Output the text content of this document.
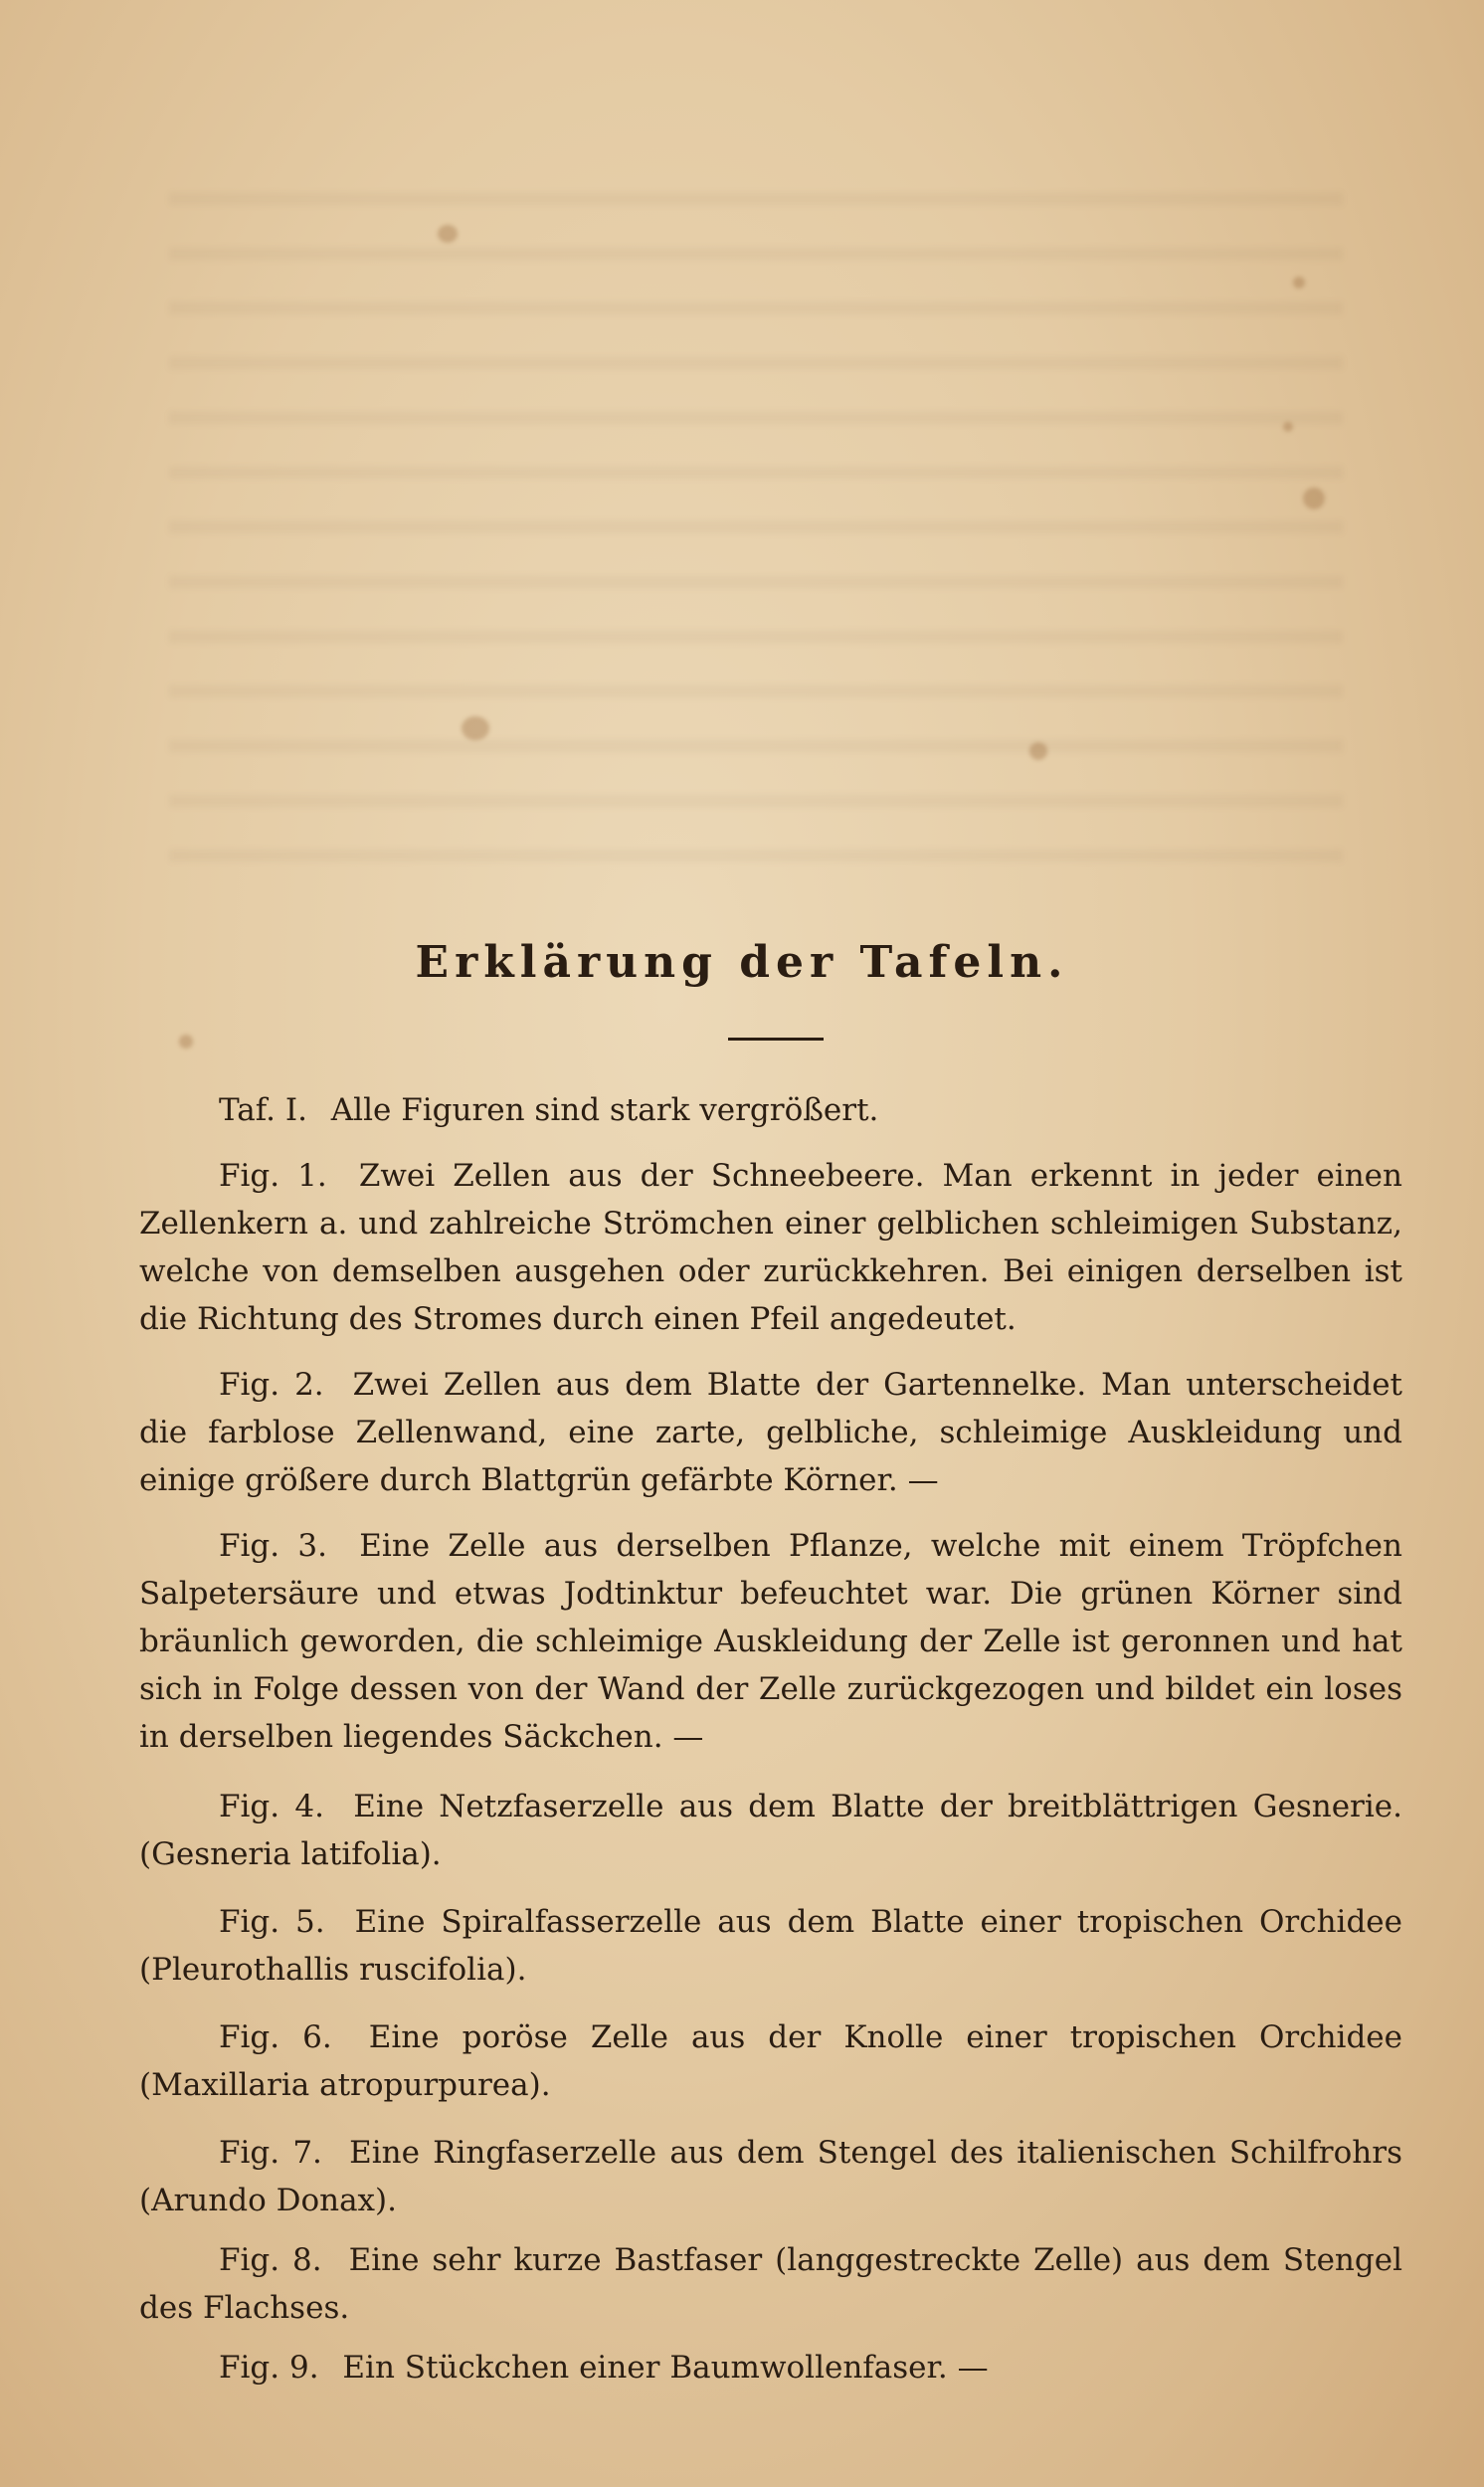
Erklärung der Tafeln.
Taf. I. Alle Figuren sind stark vergrößert.
Fig. 1. Zwei Zellen aus der Schneebeere. Man erkennt in jeder einen Zellenkern a. und zahlreiche Strömchen einer gelblichen schleimigen Substanz, welche von demselben ausgehen oder zurückkehren. Bei einigen derselben ist die Richtung des Stromes durch einen Pfeil angedeutet.
Fig. 2. Zwei Zellen aus dem Blatte der Gartennelke. Man unterscheidet die farblose Zellenwand, eine zarte, gelbliche, schleimige Auskleidung und einige größere durch Blattgrün gefärbte Körner. —
Fig. 3. Eine Zelle aus derselben Pflanze, welche mit einem Tröpfchen Salpetersäure und etwas Jodtinktur befeuchtet war. Die grünen Körner sind bräunlich geworden, die schleimige Auskleidung der Zelle ist geronnen und hat sich in Folge dessen von der Wand der Zelle zurückgezogen und bildet ein loses in derselben liegendes Säckchen. —
Fig. 4. Eine Netzfaserzelle aus dem Blatte der breitblättrigen Gesnerie. (Gesneria latifolia).
Fig. 5. Eine Spiralfasserzelle aus dem Blatte einer tropischen Orchidee (Pleurothallis ruscifolia).
Fig. 6. Eine poröse Zelle aus der Knolle einer tropischen Orchidee (Maxillaria atropurpurea).
Fig. 7. Eine Ringfaserzelle aus dem Stengel des italienischen Schilfrohrs (Arundo Donax).
Fig. 8. Eine sehr kurze Bastfaser (langgestreckte Zelle) aus dem Stengel des Flachses.
Fig. 9. Ein Stückchen einer Baumwollenfaser. —
